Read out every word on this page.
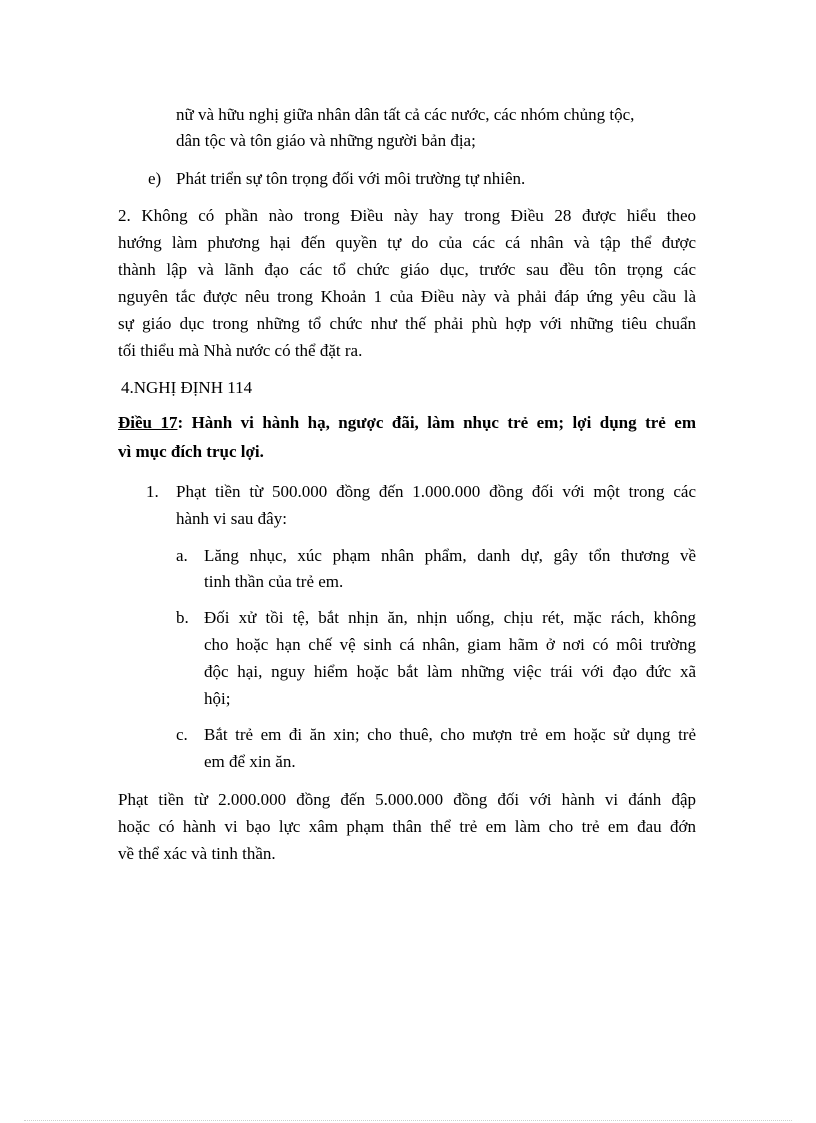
nữ và hữu nghị giữa nhân dân tất cả các nước, các nhóm chủng tộc,
dân tộc và tôn giáo và những người bản địa;
e) Phát triển sự tôn trọng đối với môi trường tự nhiên.
2. Không có phần nào trong Điều này hay trong Điều 28 được hiểu theo
hướng làm phương hại đến quyền tự do của các cá nhân và tập thể được
thành lập và lãnh đạo các tổ chức giáo dục, trước sau đều tôn trọng các
nguyên tắc được nêu trong Khoản 1 của Điều này và phải đáp ứng yêu cầu là
sự giáo dục trong những tổ chức như thế phải phù hợp với những tiêu chuẩn
tối thiểu mà Nhà nước có thể đặt ra.
4.NGHỊ ĐỊNH 114
Điều 17: Hành vi hành hạ, ngược đãi, làm nhục trẻ em; lợi dụng trẻ em
vì mục đích trục lợi.
1. Phạt tiền từ 500.000 đồng đến 1.000.000 đồng đối với một trong các
hành vi sau đây:
a. Lăng nhục, xúc phạm nhân phẩm, danh dự, gây tổn thương về
tinh thần của trẻ em.
b. Đối xử tồi tệ, bắt nhịn ăn, nhịn uống, chịu rét, mặc rách, không
cho hoặc hạn chế vệ sinh cá nhân, giam hãm ở nơi có môi trường
độc hại, nguy hiểm hoặc bắt làm những việc trái với đạo đức xã
hội;
c. Bắt trẻ em đi ăn xin; cho thuê, cho mượn trẻ em hoặc sử dụng trẻ
em để xin ăn.
Phạt tiền từ 2.000.000 đồng đến 5.000.000 đồng đối với hành vi đánh đập
hoặc có hành vi bạo lực xâm phạm thân thể trẻ em làm cho trẻ em đau đớn
về thể xác và tinh thần.
